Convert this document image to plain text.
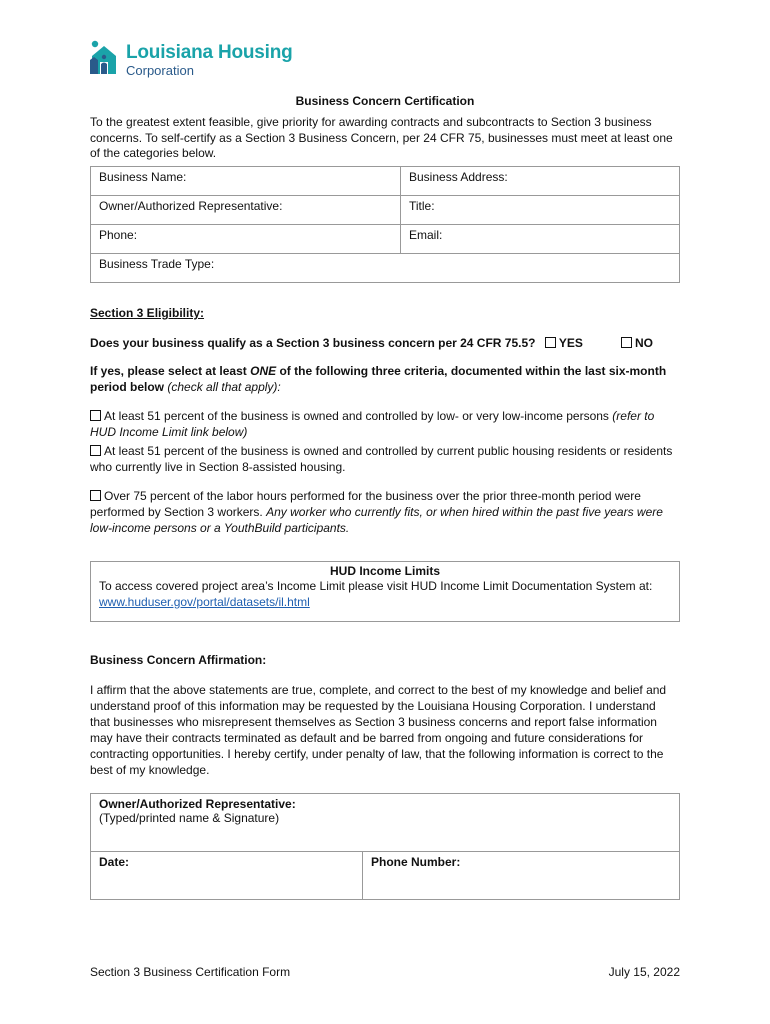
Louisiana Housing
Corporation
Business Concern Certification
To the greatest extent feasible, give priority for awarding contracts and subcontracts to Section 3 business concerns. To self-certify as a Section 3 Business Concern, per 24 CFR 75, businesses must meet at least one of the categories below.
Business Name:	Business Address:
Owner/Authorized Representative:	Title:
Phone:	Email:
Business Trade Type:	
Section 3 Eligibility:
Does your business qualify as a Section 3 business concern per 24 CFR 75.5? YES	NO
If yes, please select at least ONE of the following three criteria, documented within the last six-month period below (check all that apply):
At least 51 percent of the business is owned and controlled by low- or very low-income persons (refer to HUD Income Limit link below)
At least 51 percent of the business is owned and controlled by current public housing residents or residents who currently live in Section 8-assisted housing.
Over 75 percent of the labor hours performed for the business over the prior three-month period were performed by Section 3 workers. Any worker who currently fits, or when hired within the past five years were low-income persons or a YouthBuild participants.
HUD Income Limits
To access covered project area’s Income Limit please visit HUD Income Limit Documentation System at: www.huduser.gov/portal/datasets/il.html
Business Concern Affirmation:
I affirm that the above statements are true, complete, and correct to the best of my knowledge and belief and understand proof of this information may be requested by the Louisiana Housing Corporation. I understand that businesses who misrepresent themselves as Section 3 business concerns and report false information may have their contracts terminated as default and be barred from ongoing and future considerations for contracting opportunities. I hereby certify, under penalty of law, that the following information is correct to the best of my knowledge.
Owner/Authorized Representative:
(Typed/printed name & Signature)

Date:	Phone Number:
Section 3 Business Certification Form	July 15, 2022
